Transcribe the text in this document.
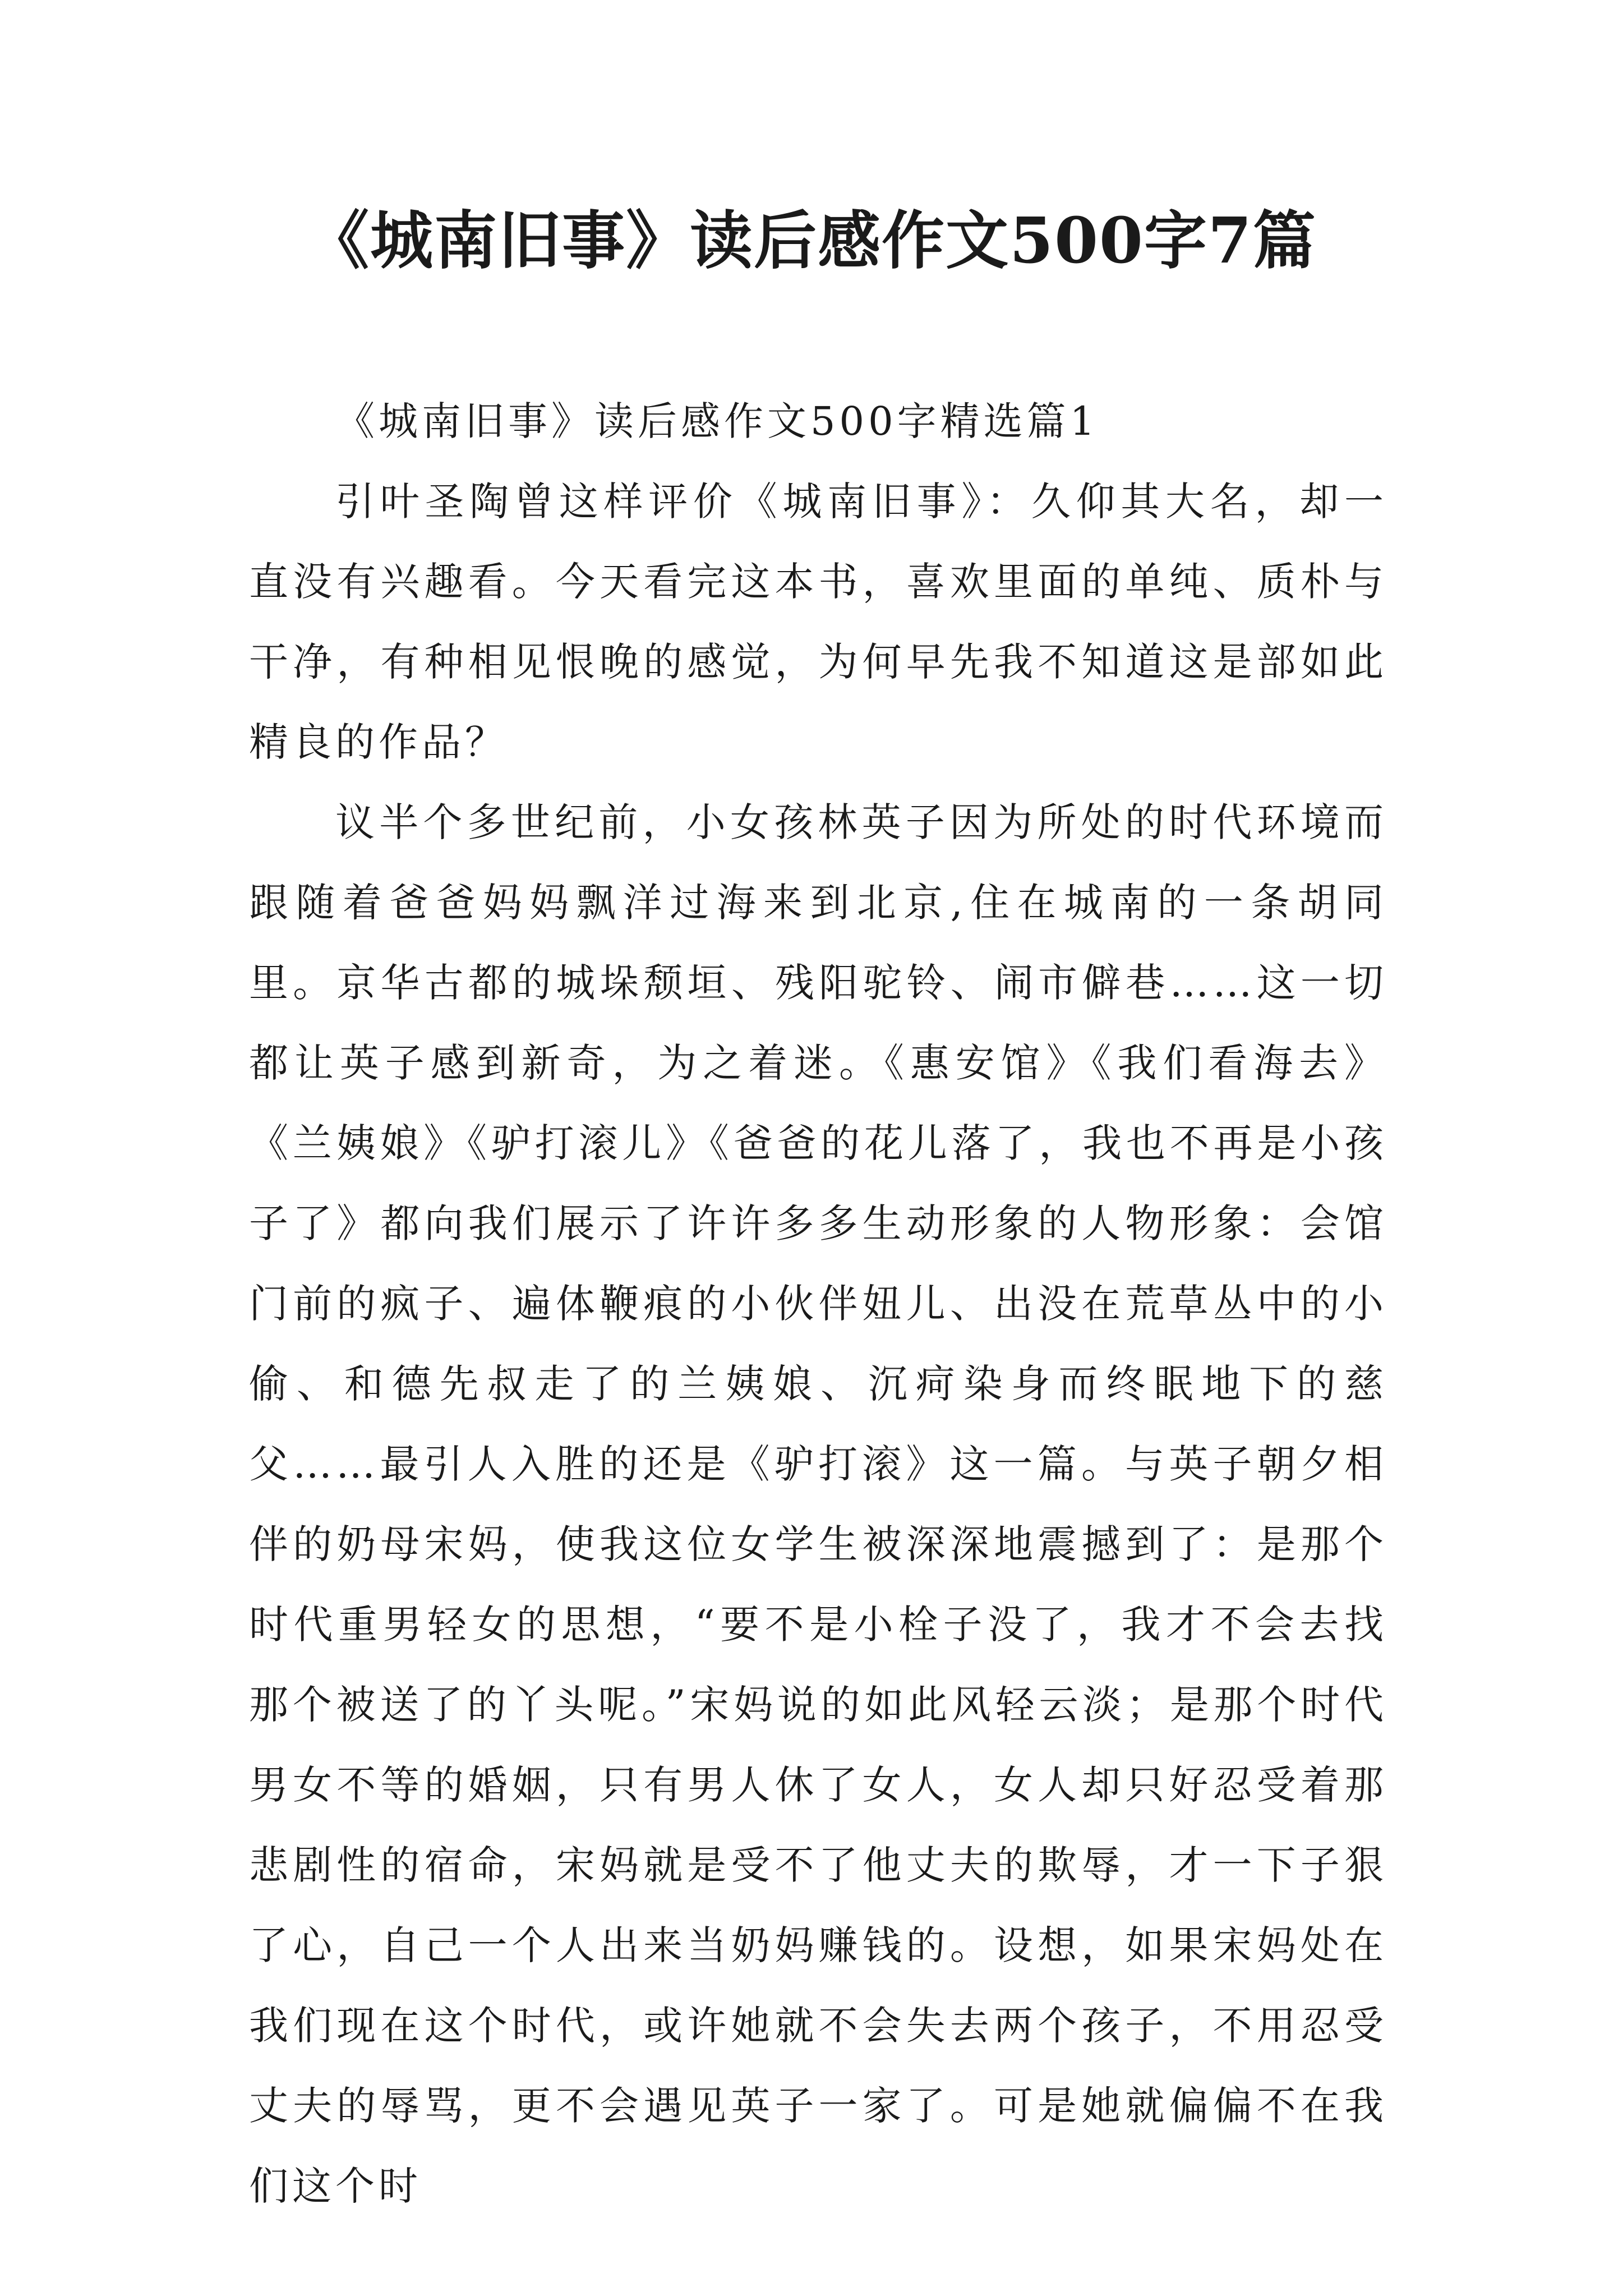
《城南旧事》读后感作文500字7篇

《城南旧事》读后感作文500字精选篇1

引叶圣陶曾这样评价《城南旧事》：久仰其大名，却一直没有兴趣看。今天看完这本书，喜欢里面的单纯、质朴与干净，有种相见恨晚的感觉，为何早先我不知道这是部如此精良的作品？

议半个多世纪前，小女孩林英子因为所处的时代环境而跟随着爸爸妈妈飘洋过海来到北京,住在城南的一条胡同里。京华古都的城垛颓垣、残阳驼铃、闹市僻巷……这一切都让英子感到新奇，为之着迷。《惠安馆》《我们看海去》《兰姨娘》《驴打滚儿》《爸爸的花儿落了，我也不再是小孩子了》都向我们展示了许许多多生动形象的人物形象：会馆门前的疯子、遍体鞭痕的小伙伴妞儿、出没在荒草丛中的小偷、和德先叔走了的兰姨娘、沉疴染身而终眠地下的慈父……最引人入胜的还是《驴打滚》这一篇。与英子朝夕相伴的奶母宋妈，使我这位女学生被深深地震撼到了：是那个时代重男轻女的思想，“要不是小栓子没了，我才不会去找那个被送了的丫头呢。”宋妈说的如此风轻云淡；是那个时代男女不等的婚姻，只有男人休了女人，女人却只好忍受着那悲剧性的宿命，宋妈就是受不了他丈夫的欺辱，才一下子狠了心，自己一个人出来当奶妈赚钱的。设想，如果宋妈处在我们现在这个时代，或许她就不会失去两个孩子，不用忍受丈夫的辱骂，更不会遇见英子一家了。可是她就偏偏不在我们这个时
